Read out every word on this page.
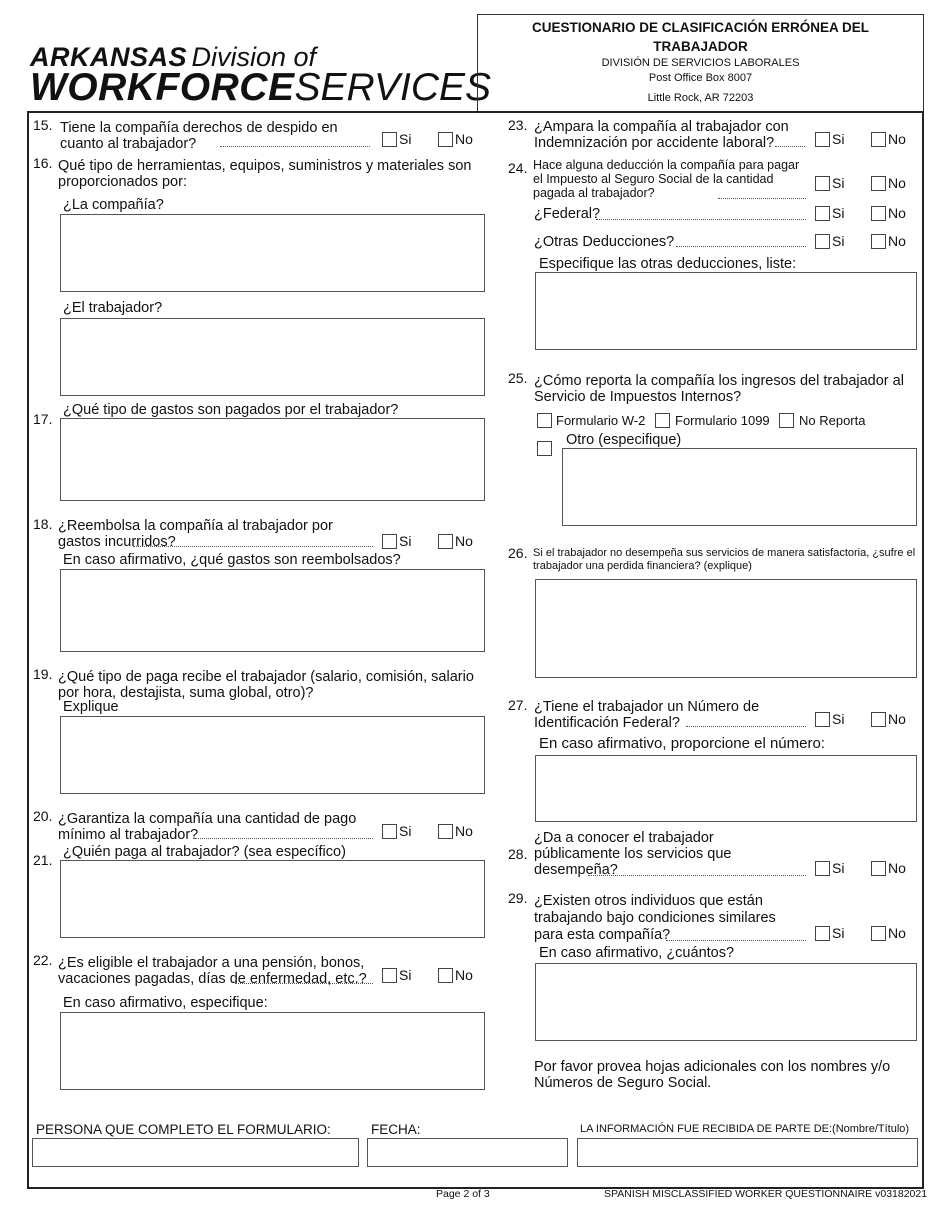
ARKANSAS Division of
WORKFORCESERVICES
CUESTIONARIO DE CLASIFICACIÓN ERRÓNEA DEL TRABAJADOR
DIVISIÓN DE SERVICIOS LABORALES
Post Office Box 8007
Little Rock, AR 72203
15. Tiene la compañía derechos de despido en cuanto al trabajador?	Si	No
16. Qué tipo de herramientas, equipos, suministros y materiales son proporcionados por:
¿La compañía?
¿El trabajador?
¿Qué tipo de gastos son pagados por el trabajador?
17.
18. ¿Reembolsa la compañía al trabajador por gastos incurridos?	Si	No
En caso afirmativo, ¿qué gastos son reembolsados?
19. ¿Qué tipo de paga recibe el trabajador (salario, comisión, salario por hora, destajista, suma global, otro)?
Explique
20. ¿Garantiza la compañía una cantidad de pago mínimo al trabajador?	Si	No
¿Quién paga al trabajador? (sea específico)
21.
22. ¿Es eligible el trabajador a una pensión, bonos, vacaciones pagadas, días de enfermedad, etc.?	Si	No
En caso afirmativo, especifique:
23. ¿Ampara la compañía al trabajador con Indemnización por accidente laboral?	Si	No
24. Hace alguna deducción la compañía para pagar el Impuesto al Seguro Social de la cantidad pagada al trabajador?
Si	No
¿Federal?	Si	No
¿Otras Deducciones?	Si	No
Especifique las otras deducciones, liste:
25. ¿Cómo reporta la compañía los ingresos del trabajador al Servicio de Impuestos Internos?
Formulario W-2 Formulario 1099 No Reporta
Otro (especifique)
26. Si el trabajador no desempeña sus servicios de manera satisfactoria, ¿sufre el trabajador una perdida financiera? (explique)
27. ¿Tiene el trabajador un Número de Identificación Federal?	Si	No
En caso afirmativo, proporcione el número:
¿Da a conocer el trabajador públicamente los servicios que desempeña?
28.
Si	No
29. ¿Existen otros individuos que están trabajando bajo condiciones similares para esta compañía?	Si	No
En caso afirmativo, ¿cuántos?
Por favor provea hojas adicionales con los nombres y/o Números de Seguro Social.
PERSONA QUE COMPLETO EL FORMULARIO:	FECHA:	LA INFORMACIÓN FUE RECIBIDA DE PARTE DE:(Nombre/Título)
Page 2 of 3	SPANISH MISCLASSIFIED WORKER QUESTIONNAIRE v03182021
